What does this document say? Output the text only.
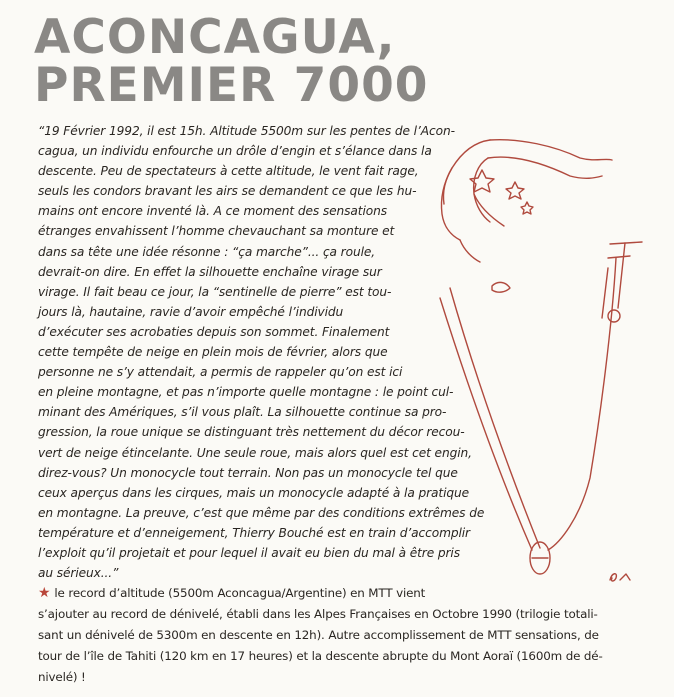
ACONCAGUA,
PREMIER 7000
“19 Février 1992, il est 15h. Altitude 5500m sur les pentes de l’Acon-
cagua, un individu enfourche un drôle d’engin et s’élance dans la
descente. Peu de spectateurs à cette altitude, le vent fait rage,
seuls les condors bravant les airs se demandent ce que les hu-
mains ont encore inventé là. A ce moment des sensations
étranges envahissent l’homme chevauchant sa monture et
dans sa tête une idée résonne : “ça marche”... ça roule,
devrait-on dire. En effet la silhouette enchaîne virage sur
virage. Il fait beau ce jour, la “sentinelle de pierre” est tou-
jours là, hautaine, ravie d’avoir empêché l’individu
d’exécuter ses acrobaties depuis son sommet. Finalement
cette tempête de neige en plein mois de février, alors que
personne ne s’y attendait, a permis de rappeler qu’on est ici
en pleine montagne, et pas n’importe quelle montagne : le point cul-
minant des Amériques, s’il vous plaît. La silhouette continue sa pro-
gression, la roue unique se distinguant très nettement du décor recou-
vert de neige étincelante. Une seule roue, mais alors quel est cet engin,
direz-vous? Un monocycle tout terrain. Non pas un monocycle tel que
ceux aperçus dans les cirques, mais un monocycle adapté à la pratique
en montagne. La preuve, c’est que même par des conditions extrêmes de
température et d’enneigement, Thierry Bouché est en train d’accomplir
l’exploit qu’il projetait et pour lequel il avait eu bien du mal à être pris
au sérieux...”
★ le record d’altitude (5500m Aconcagua/Argentine) en MTT vient
s’ajouter au record de dénivelé, établi dans les Alpes Françaises en Octobre 1990 (trilogie totali-
sant un dénivelé de 5300m en descente en 12h). Autre accomplissement de MTT sensations, de
tour de l’île de Tahiti (120 km en 17 heures) et la descente abrupte du Mont Aoraï (1600m de dé-
nivelé) !
